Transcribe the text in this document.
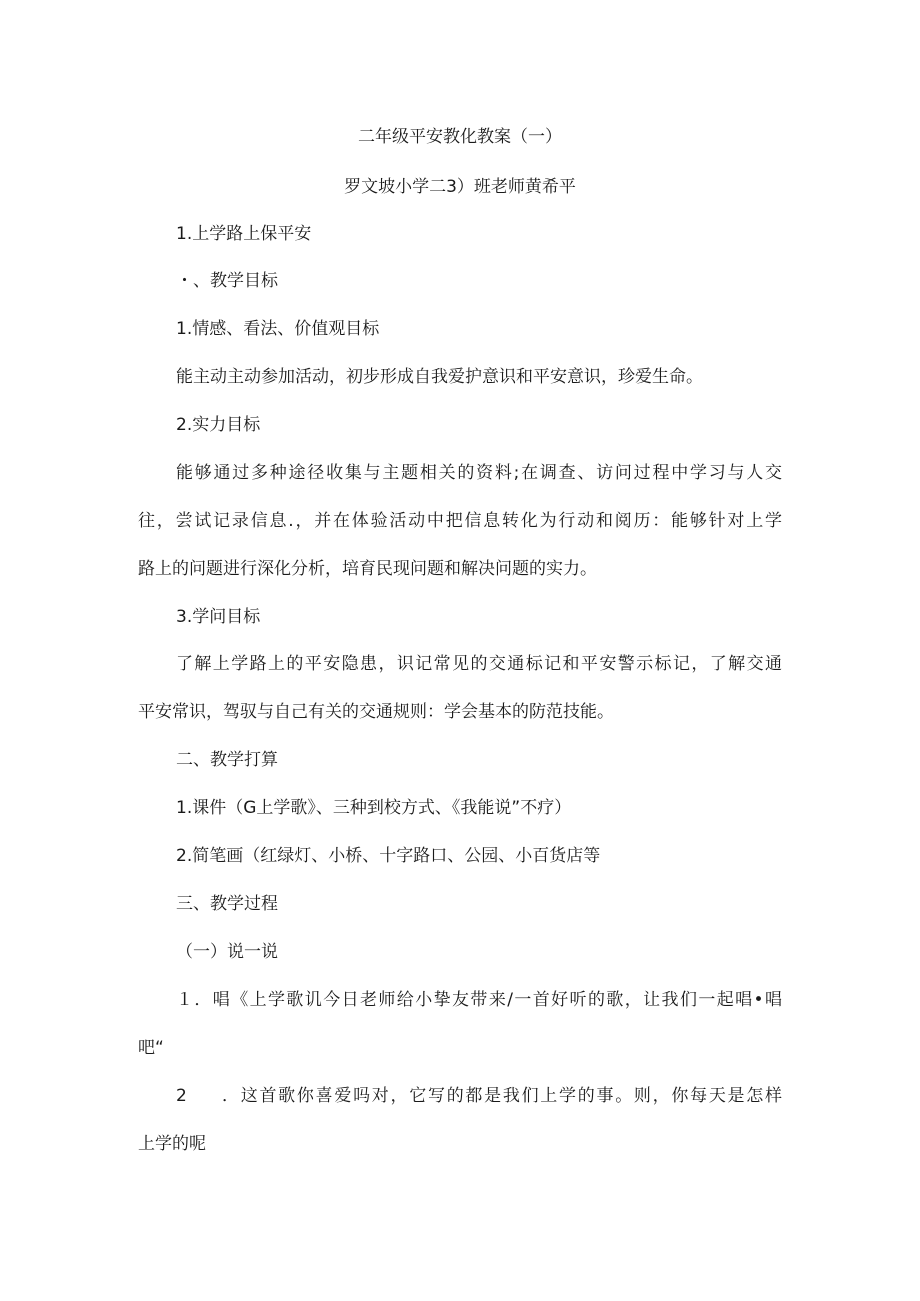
二年级平安教化教案（一）
罗文坡小学二3）班老师黄希平
1.上学路上保平安
・、教学目标
1.情感、看法、价值观目标
能主动主动参加活动，初步形成自我爱护意识和平安意识，珍爱生命。
2.实力目标
能够通过多种途径收集与主题相关的资料;在调查、访问过程中学习与人交
往，尝试记录信息.，并在体验活动中把信息转化为行动和阅历：能够针对上学
路上的问题进行深化分析，培育民现问题和解决问题的实力。
3.学问目标
了解上学路上的平安隐患，识记常见的交通标记和平安警示标记，了解交通
平安常识，驾驭与自己有关的交通规则：学会基本的防范技能。
二、教学打算
1.课件（G上学歌》、三种到校方式、《我能说”不疗）
2.简笔画（红绿灯、小桥、十字路口、公园、小百货店等
三、教学过程
（一）说一说
１．唱《上学歌讥今日老师给小挚友带来/一首好听的歌，让我们一起唱•唱
吧“
2 ．这首歌你喜爱吗对，它写的都是我们上学的事。则，你每天是怎样
上学的呢
